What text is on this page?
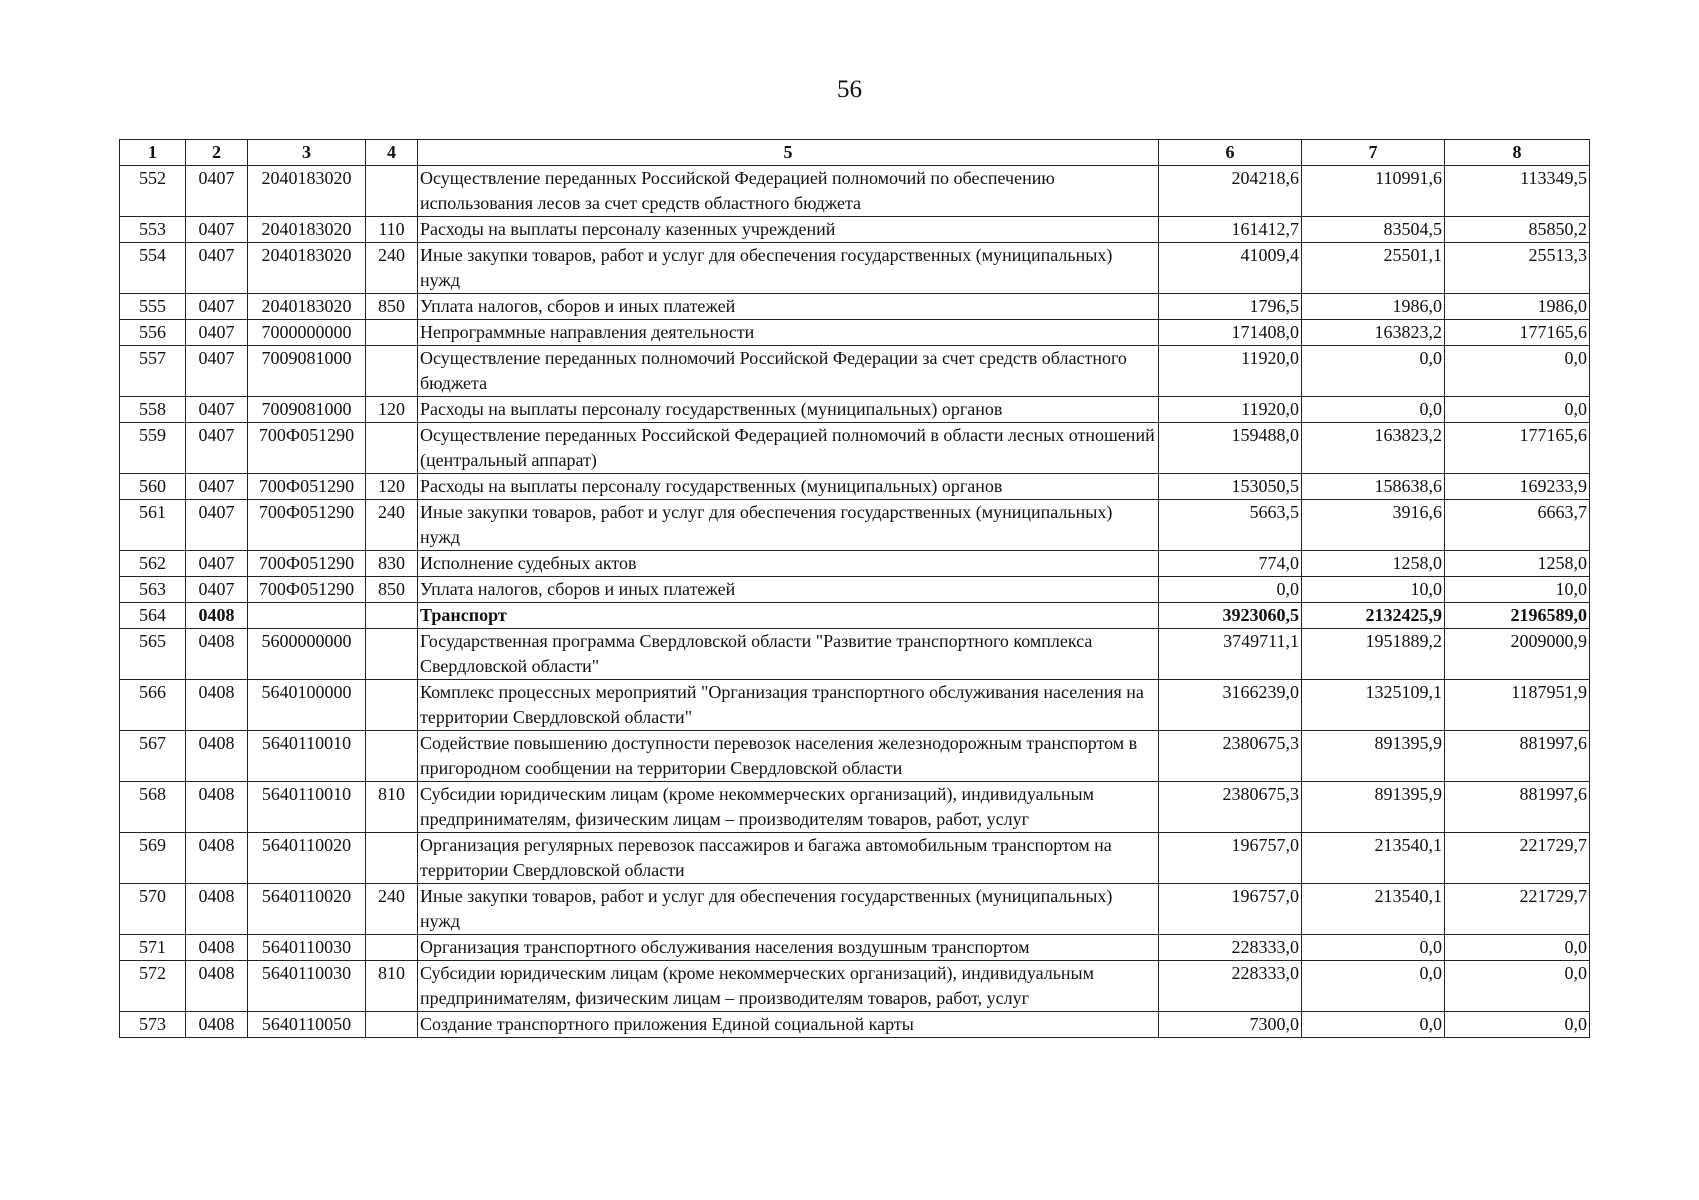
56
1	2	3	4	5	6	7	8
552	0407	2040183020		Осуществление переданных Российской Федерацией полномочий по обеспечению использования лесов за счет средств областного бюджета	204218,6	110991,6	113349,5
553	0407	2040183020	110	Расходы на выплаты персоналу казенных учреждений	161412,7	83504,5	85850,2
554	0407	2040183020	240	Иные закупки товаров, работ и услуг для обеспечения государственных (муниципальных) нужд	41009,4	25501,1	25513,3
555	0407	2040183020	850	Уплата налогов, сборов и иных платежей	1796,5	1986,0	1986,0
556	0407	7000000000		Непрограммные направления деятельности	171408,0	163823,2	177165,6
557	0407	7009081000		Осуществление переданных полномочий Российской Федерации за счет средств областного бюджета	11920,0	0,0	0,0
558	0407	7009081000	120	Расходы на выплаты персоналу государственных (муниципальных) органов	11920,0	0,0	0,0
559	0407	700Ф051290		Осуществление переданных Российской Федерацией полномочий в области лесных отношений (центральный аппарат)	159488,0	163823,2	177165,6
560	0407	700Ф051290	120	Расходы на выплаты персоналу государственных (муниципальных) органов	153050,5	158638,6	169233,9
561	0407	700Ф051290	240	Иные закупки товаров, работ и услуг для обеспечения государственных (муниципальных) нужд	5663,5	3916,6	6663,7
562	0407	700Ф051290	830	Исполнение судебных актов	774,0	1258,0	1258,0
563	0407	700Ф051290	850	Уплата налогов, сборов и иных платежей	0,0	10,0	10,0
564	0408			Транспорт	3923060,5	2132425,9	2196589,0
565	0408	5600000000		Государственная программа Свердловской области "Развитие транспортного комплекса Свердловской области"	3749711,1	1951889,2	2009000,9
566	0408	5640100000		Комплекс процессных мероприятий "Организация транспортного обслуживания населения на территории Свердловской области"	3166239,0	1325109,1	1187951,9
567	0408	5640110010		Содействие повышению доступности перевозок населения железнодорожным транспортом в пригородном сообщении на территории Свердловской области	2380675,3	891395,9	881997,6
568	0408	5640110010	810	Субсидии юридическим лицам (кроме некоммерческих организаций), индивидуальным предпринимателям, физическим лицам – производителям товаров, работ, услуг	2380675,3	891395,9	881997,6
569	0408	5640110020		Организация регулярных перевозок пассажиров и багажа автомобильным транспортом на территории Свердловской области	196757,0	213540,1	221729,7
570	0408	5640110020	240	Иные закупки товаров, работ и услуг для обеспечения государственных (муниципальных) нужд	196757,0	213540,1	221729,7
571	0408	5640110030		Организация транспортного обслуживания населения воздушным транспортом	228333,0	0,0	0,0
572	0408	5640110030	810	Субсидии юридическим лицам (кроме некоммерческих организаций), индивидуальным предпринимателям, физическим лицам – производителям товаров, работ, услуг	228333,0	0,0	0,0
573	0408	5640110050		Создание транспортного приложения Единой социальной карты	7300,0	0,0	0,0
